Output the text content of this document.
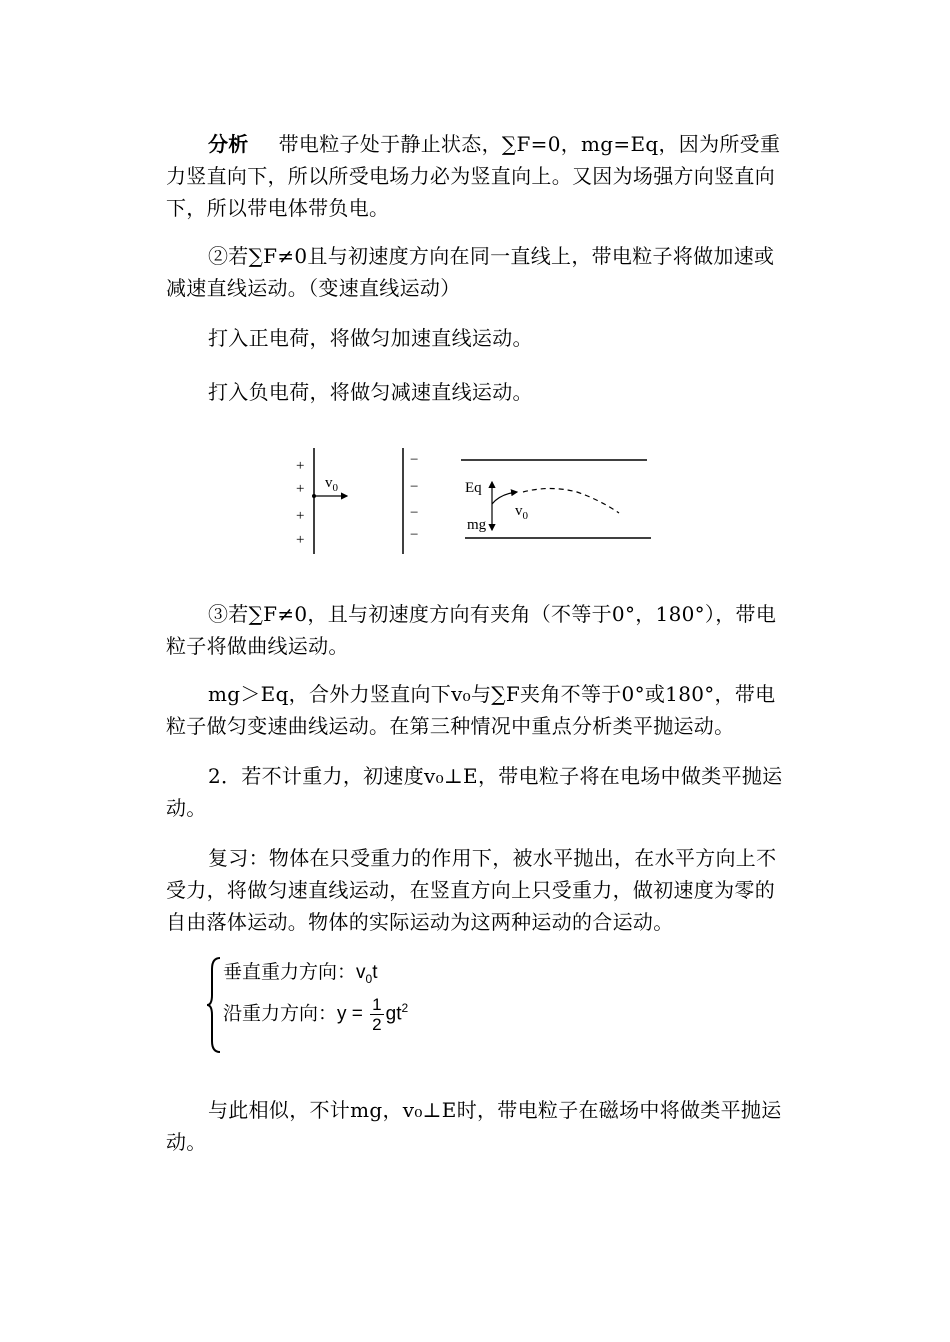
分析 带电粒子处于静止状态，∑F=0，mg=Eq，因为所受重力竖直向下，所以所受电场力必为竖直向上。又因为场强方向竖直向下，所以带电体带负电。

②若∑F≠0且与初速度方向在同一直线上，带电粒子将做加速或减速直线运动。（变速直线运动）

打入正电荷，将做匀加速直线运动。

打入负电荷，将做匀减速直线运动。

+
+
+
+
$v_0$
−
−
−
−
Eq
mg
$v_0$

③若∑F≠0，且与初速度方向有夹角（不等于0°，180°），带电粒子将做曲线运动。

mg＞Eq，合外力竖直向下v₀与∑F夹角不等于0°或180°，带电粒子做匀变速曲线运动。在第三种情况中重点分析类平抛运动。

2．若不计重力，初速度v₀⊥E，带电粒子将在电场中做类平抛运动。

复习：物体在只受重力的作用下，被水平抛出，在水平方向上不受力，将做匀速直线运动，在竖直方向上只受重力，做初速度为零的自由落体运动。物体的实际运动为这两种运动的合运动。

垂直重力方向：$v_0t$
沿重力方向：$y = \frac{1}{2} gt^2$

与此相似，不计mg，v₀⊥E时，带电粒子在磁场中将做类平抛运动。
